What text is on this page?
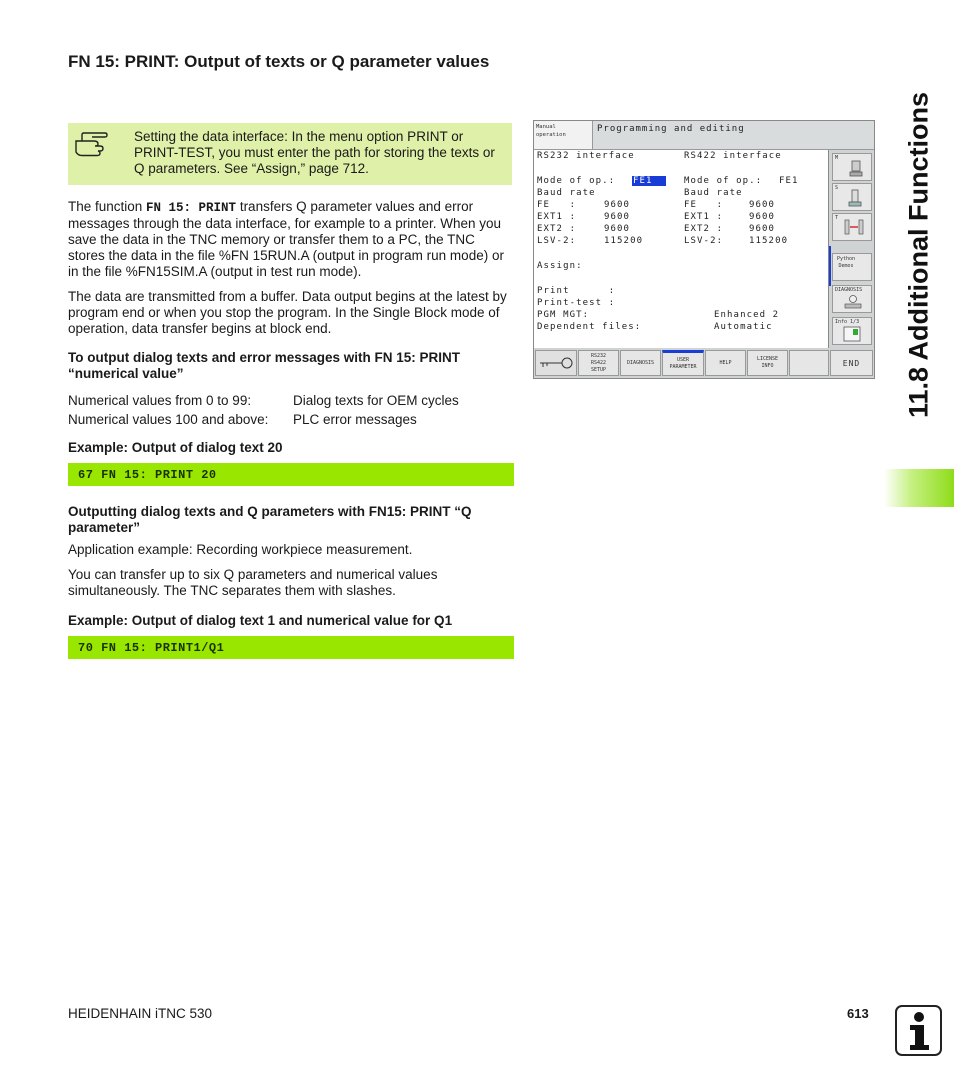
FN 15: PRINT: Output of texts or Q parameter values
Setting the data interface: In the menu option PRINT or PRINT-TEST, you must enter the path for storing the texts or Q parameters. See “Assign,” page 712.
The function FN 15: PRINT transfers Q parameter values and error messages through the data interface, for example to a printer. When you save the data in the TNC memory or transfer them to a PC, the TNC stores the data in the file %FN 15RUN.A (output in program run mode) or in the file %FN15SIM.A (output in test run mode).
The data are transmitted from a buffer. Data output begins at the latest by program end or when you stop the program. In the Single Block mode of operation, data transfer begins at block end.
To output dialog texts and error messages with FN 15: PRINT “numerical value”
Numerical values from 0 to 99:	Dialog texts for OEM cycles
Numerical values 100 and above: PLC error messages
Example: Output of dialog text 20
67 FN 15: PRINT 20
Outputting dialog texts and Q parameters with FN15: PRINT “Q parameter”
Application example: Recording workpiece measurement.
You can transfer up to six Q parameters and numerical values simultaneously. The TNC separates them with slashes.
Example: Output of dialog text 1 and numerical value for Q1
70 FN 15: PRINT1/Q1
11.8 Additional Functions
Manual
operation
Programming and editing
RS232 interface	RS422 interface
Mode of op.: FE1	Mode of op.: FE1
Baud rate	Baud rate
FE   :	9600	FE   :	9600
EXT1 :	9600	EXT1 :	9600
EXT2 :	9600	EXT2 :	9600
LSV-2:	115200	LSV-2:	115200
Assign:
Print      :
Print-test :
PGM MGT:	Enhanced 2
Dependent files:	Automatic
M
S
T
Python
Demos
DIAGNOSIS
Info 1/3
RS232
RS422
SETUP
DIAGNOSIS	USER
PARAMETER
HELP
LICENSE
INFO	END
HEIDENHAIN iTNC 530	613
